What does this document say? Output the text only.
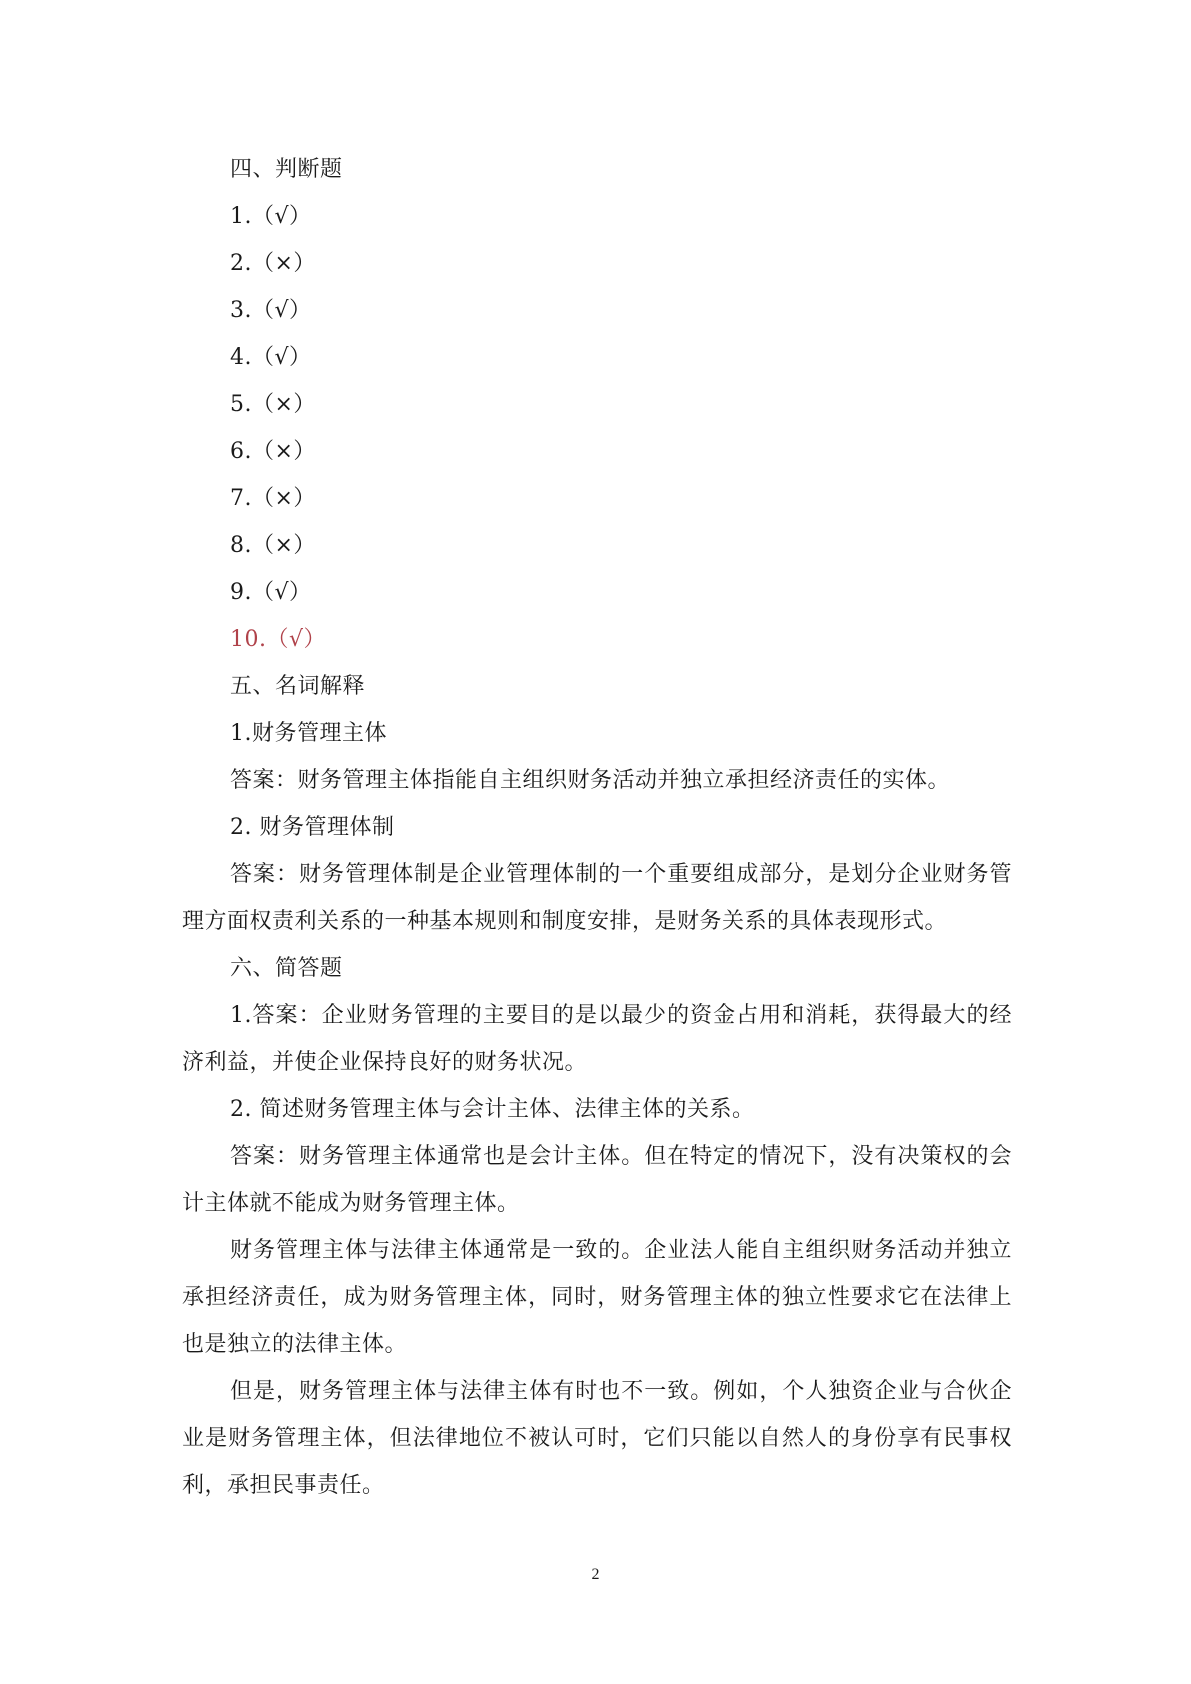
四、判断题

1.（√）

2.（×）

3.（√）

4.（√）

5.（×）

6.（×）

7.（×）

8.（×）

9.（√）

10.（√）

五、名词解释

1.财务管理主体

答案：财务管理主体指能自主组织财务活动并独立承担经济责任的实体。

2. 财务管理体制

答案：财务管理体制是企业管理体制的一个重要组成部分，是划分企业财务管理方面权责利关系的一种基本规则和制度安排，是财务关系的具体表现形式。

六、简答题

1.答案：企业财务管理的主要目的是以最少的资金占用和消耗，获得最大的经济利益，并使企业保持良好的财务状况。

2. 简述财务管理主体与会计主体、法律主体的关系。

答案：财务管理主体通常也是会计主体。但在特定的情况下，没有决策权的会计主体就不能成为财务管理主体。

财务管理主体与法律主体通常是一致的。企业法人能自主组织财务活动并独立承担经济责任，成为财务管理主体，同时，财务管理主体的独立性要求它在法律上也是独立的法律主体。

但是，财务管理主体与法律主体有时也不一致。例如，个人独资企业与合伙企业是财务管理主体，但法律地位不被认可时，它们只能以自然人的身份享有民事权利，承担民事责任。

2
